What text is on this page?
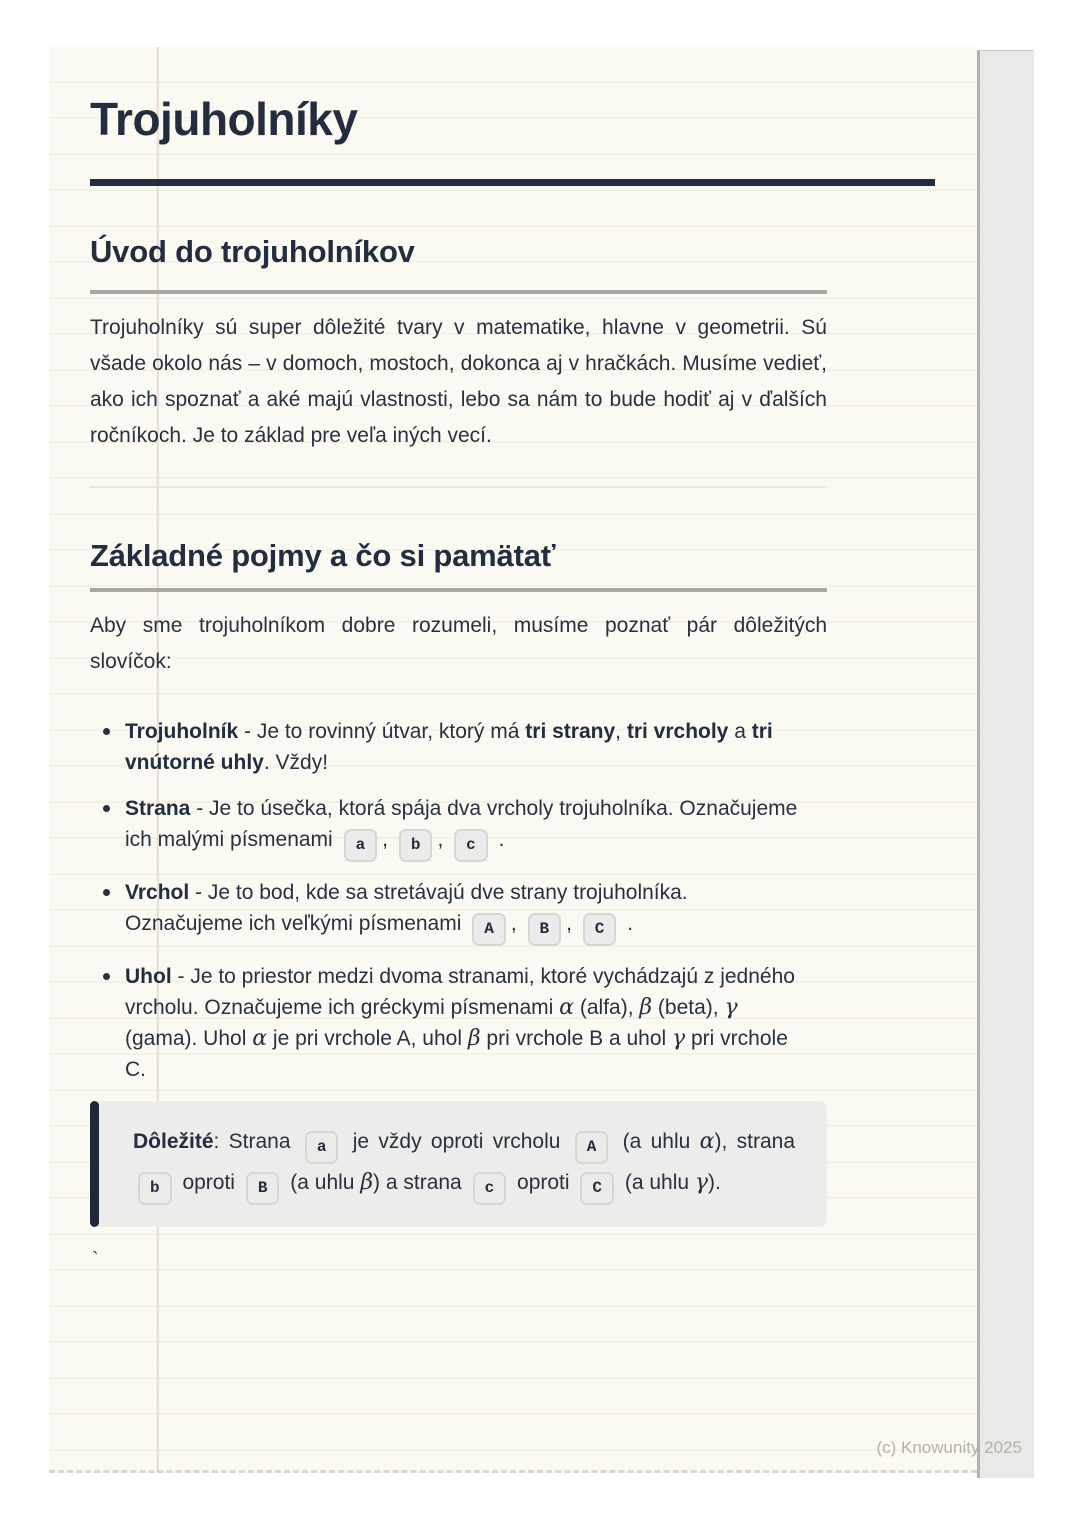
Trojuholníky
Úvod do trojuholníkov

Trojuholníky sú super dôležité tvary v matematike, hlavne v geometrii. Sú všade okolo nás – v domoch, mostoch, dokonca aj v hračkách. Musíme vedieť, ako ich spoznať a aké majú vlastnosti, lebo sa nám to bude hodiť aj v ďalších ročníkoch. Je to základ pre veľa iných vecí.

Základné pojmy a čo si pamätať

Aby sme trojuholníkom dobre rozumeli, musíme poznať pár dôležitých slovíčok:

Trojuholník - Je to rovinný útvar, ktorý má tri strany, tri vrcholy a tri vnútorné uhly. Vždy!
Strana - Je to úsečka, ktorá spája dva vrcholy trojuholníka. Označujeme ich malými písmenami a , b , c .
Vrchol - Je to bod, kde sa stretávajú dve strany trojuholníka. Označujeme ich veľkými písmenami A , B , C .
Uhol - Je to priestor medzi dvoma stranami, ktoré vychádzajú z jedného vrcholu. Označujeme ich gréckymi písmenami α (alfa), β (beta), γ (gama). Uhol α je pri vrchole A, uhol β pri vrchole B a uhol γ pri vrchole C.

Dôležité: Strana a je vždy oproti vrcholu A (a uhlu α), strana b oproti B (a uhlu β) a strana c oproti C (a uhlu γ).

`
(c) Knowunity 2025
